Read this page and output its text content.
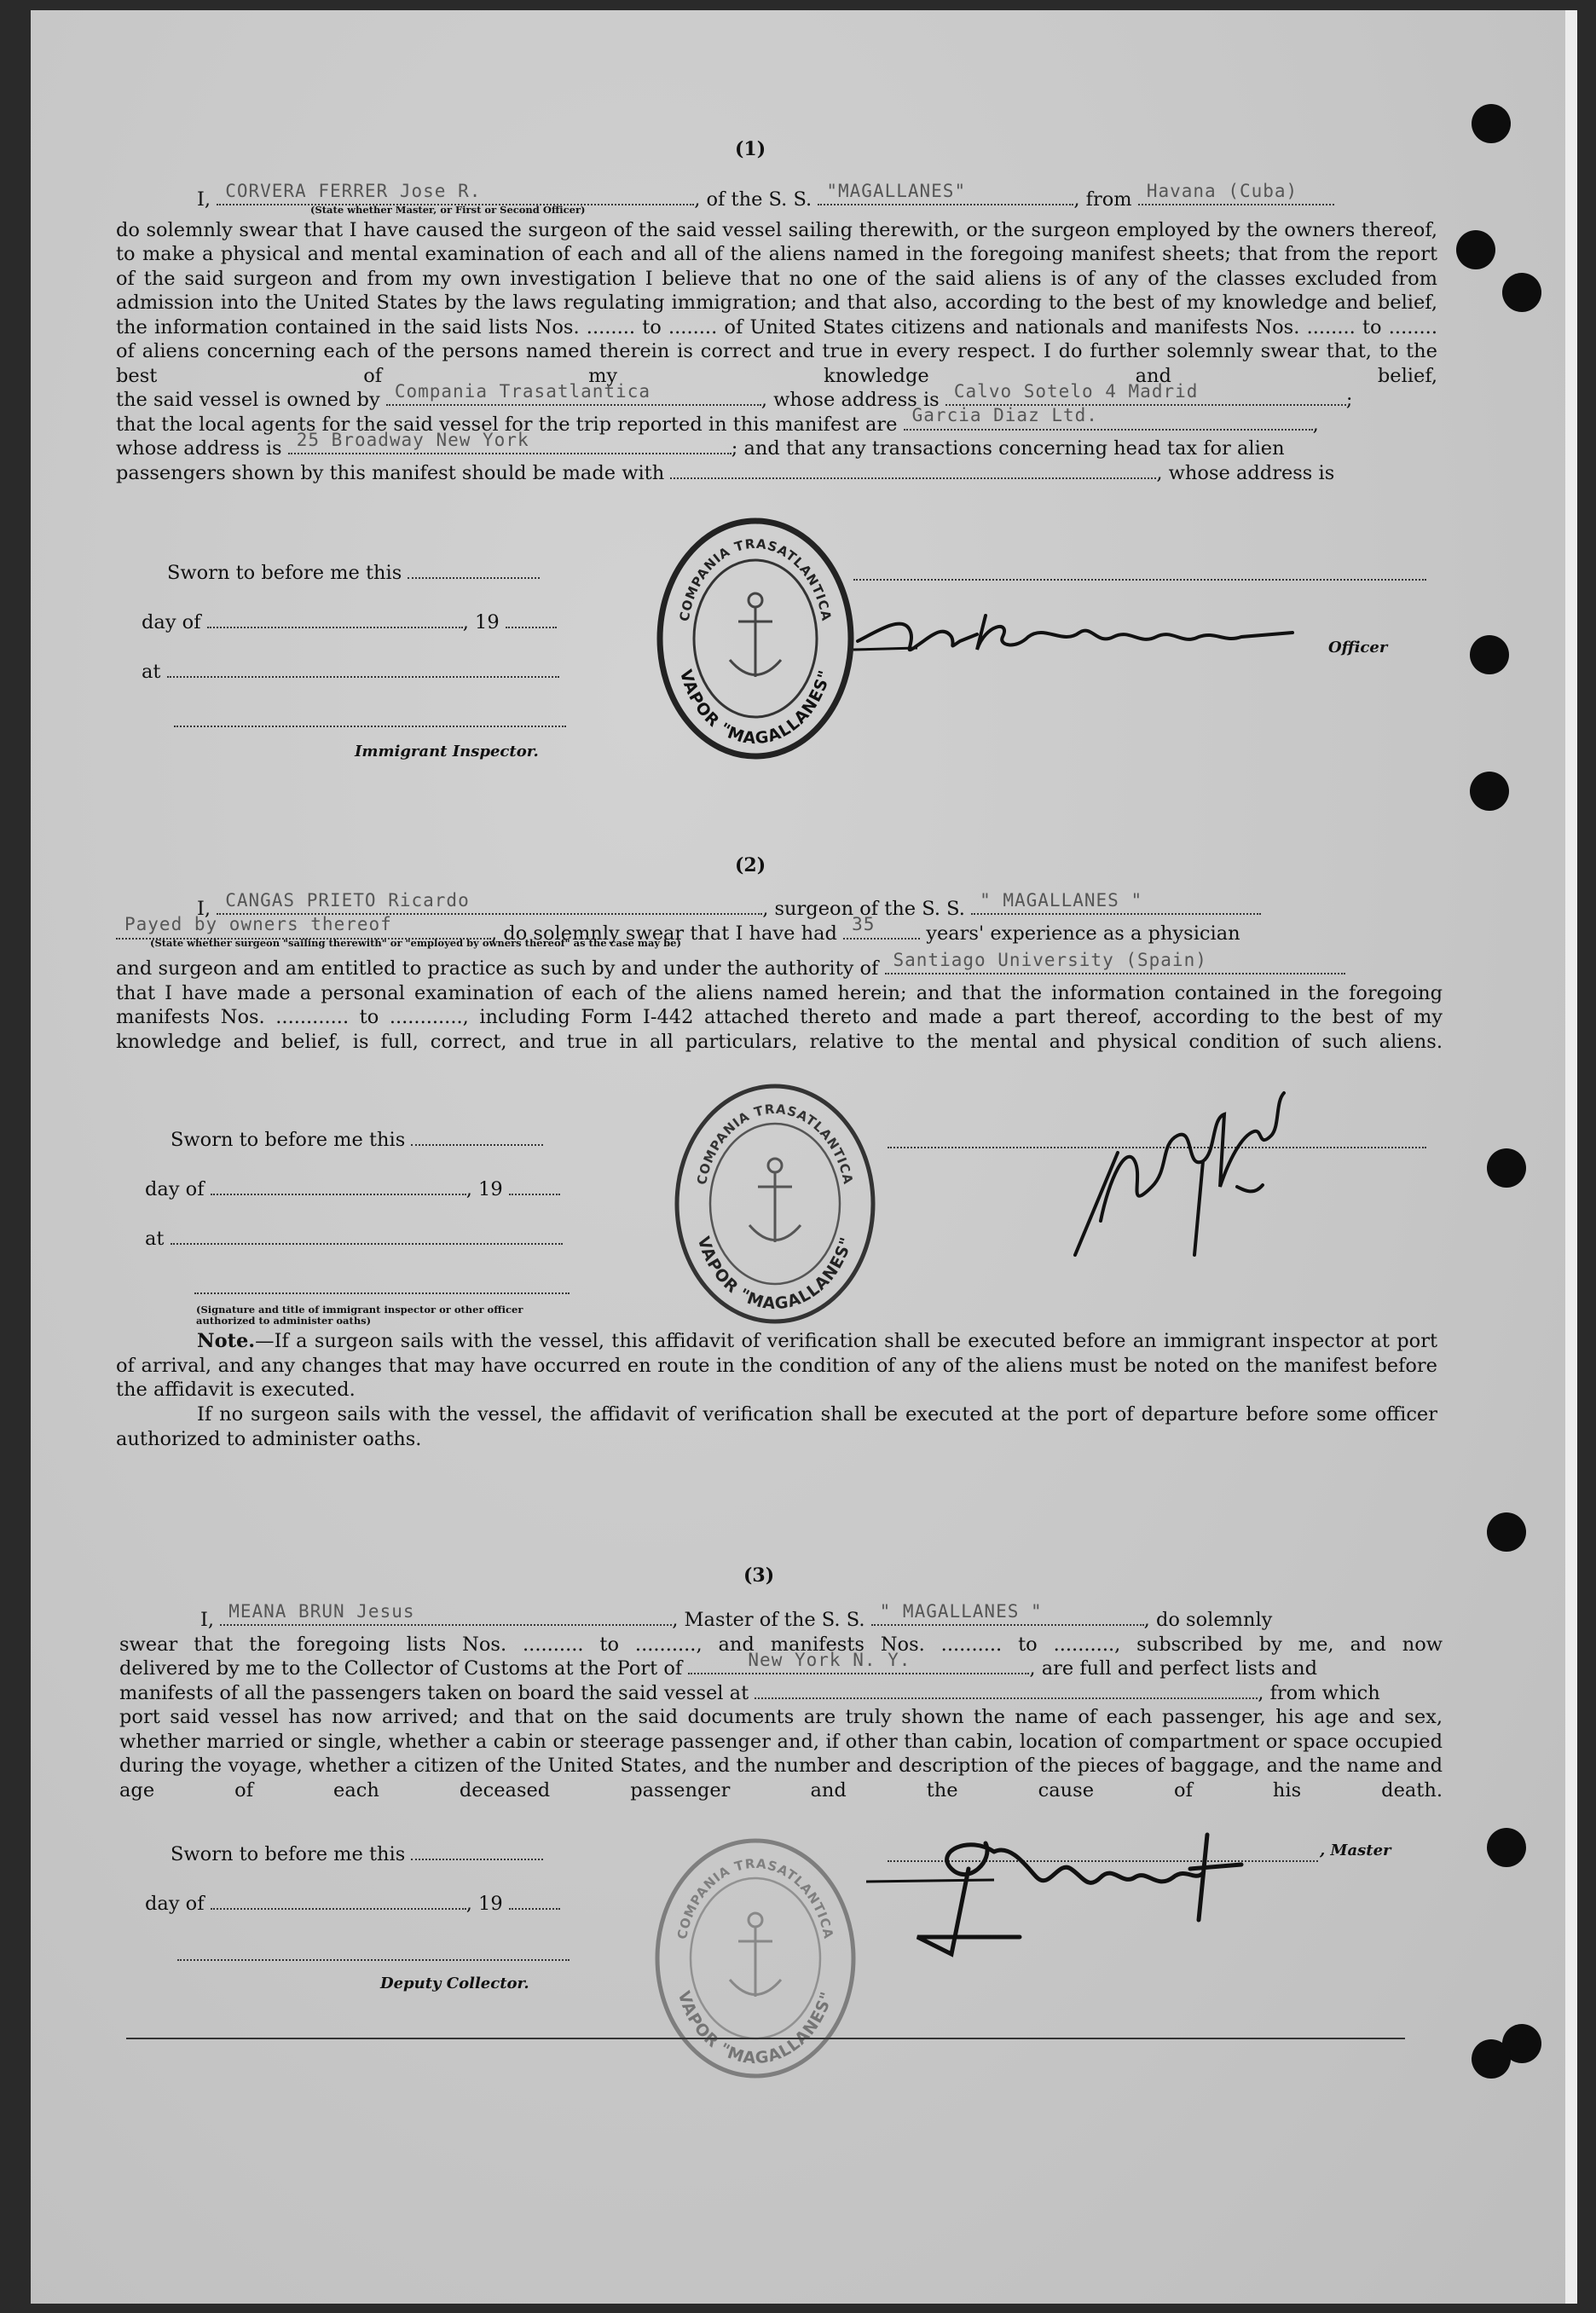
(1)
I, CORVERA FERRER Jose R.	, of the S. S. "MAGALLANES"	, from Havana (Cuba)
(State whether Master, or First or Second Officer)
do solemnly swear that I have caused the surgeon of the said vessel sailing therewith, or the surgeon employed by the owners thereof, to make a physical and mental examination of each and all of the aliens named in the foregoing manifest sheets; that from the report of the said surgeon and from my own investigation I believe that no one of the said aliens is of any of the classes excluded from admission into the United States by the laws regulating immigration; and that also, according to the best of my knowledge and belief, the information contained in the said lists Nos. ........ to ........ of United States citizens and nationals and manifests Nos. ........ to ........ of aliens concerning each of the persons named therein is correct and true in every respect. I do further solemnly swear that, to the best of my knowledge and belief,
the said vessel is owned by Compania Trasatlantica	, whose address is Calvo Sotelo 4 Madrid	;
that the local agents for the said vessel for the trip reported in this manifest are Garcia Diaz Ltd.	,
whose address is 25 Broadway New York	; and that any transactions concerning head tax for alien
passengers shown by this manifest should be made with	, whose address is
Sworn to before me this
day of	, 19
at
Immigrant Inspector.
Officer
COMPANIA TRASATLANTICA
VAPOR "MAGALLANES"
(2)
I, CANGAS PRIETO Ricardo	, surgeon of the S. S. " MAGALLANES "
Payed by owners thereof	, do solemnly swear that I have had 35	years' experience as a physician
(State whether surgeon "sailing therewith" or "employed by owners thereof" as the case may be)
and surgeon and am entitled to practice as such by and under the authority of Santiago University (Spain)
that I have made a personal examination of each of the aliens named herein; and that the information contained in the foregoing manifests Nos. ............ to ............, including Form I-442 attached thereto and made a part thereof, according to the best of my knowledge and belief, is full, correct, and true in all particulars, relative to the mental and physical condition of such aliens.
Sworn to before me this
day of	, 19
at
(Signature and title of immigrant inspector or other officer authorized to administer oaths)
COMPANIA TRASATLANTICA
VAPOR "MAGALLANES"
Note.—If a surgeon sails with the vessel, this affidavit of verification shall be executed before an immigrant inspector at port of arrival, and any changes that may have occurred en route in the condition of any of the aliens must be noted on the manifest before the affidavit is executed.
If no surgeon sails with the vessel, the affidavit of verification shall be executed at the port of departure before some officer authorized to administer oaths.
(3)
I, MEANA BRUN Jesus	, Master of the S. S. " MAGALLANES "	, do solemnly
swear that the foregoing lists Nos. .......... to .........., and manifests Nos. .......... to .........., subscribed by me, and now
delivered by me to the Collector of Customs at the Port of	New York N. Y.	, are full and perfect lists and
manifests of all the passengers taken on board the said vessel at	, from which
port said vessel has now arrived; and that on the said documents are truly shown the name of each passenger, his age and sex, whether married or single, whether a cabin or steerage passenger and, if other than cabin, location of compartment or space occupied during the voyage, whether a citizen of the United States, and the number and description of the pieces of baggage, and the name and age of each deceased passenger and the cause of his death.
Sworn to before me this
day of	, 19
Deputy Collector.
, Master
COMPANIA TRASATLANTICA
VAPOR "MAGALLANES"
